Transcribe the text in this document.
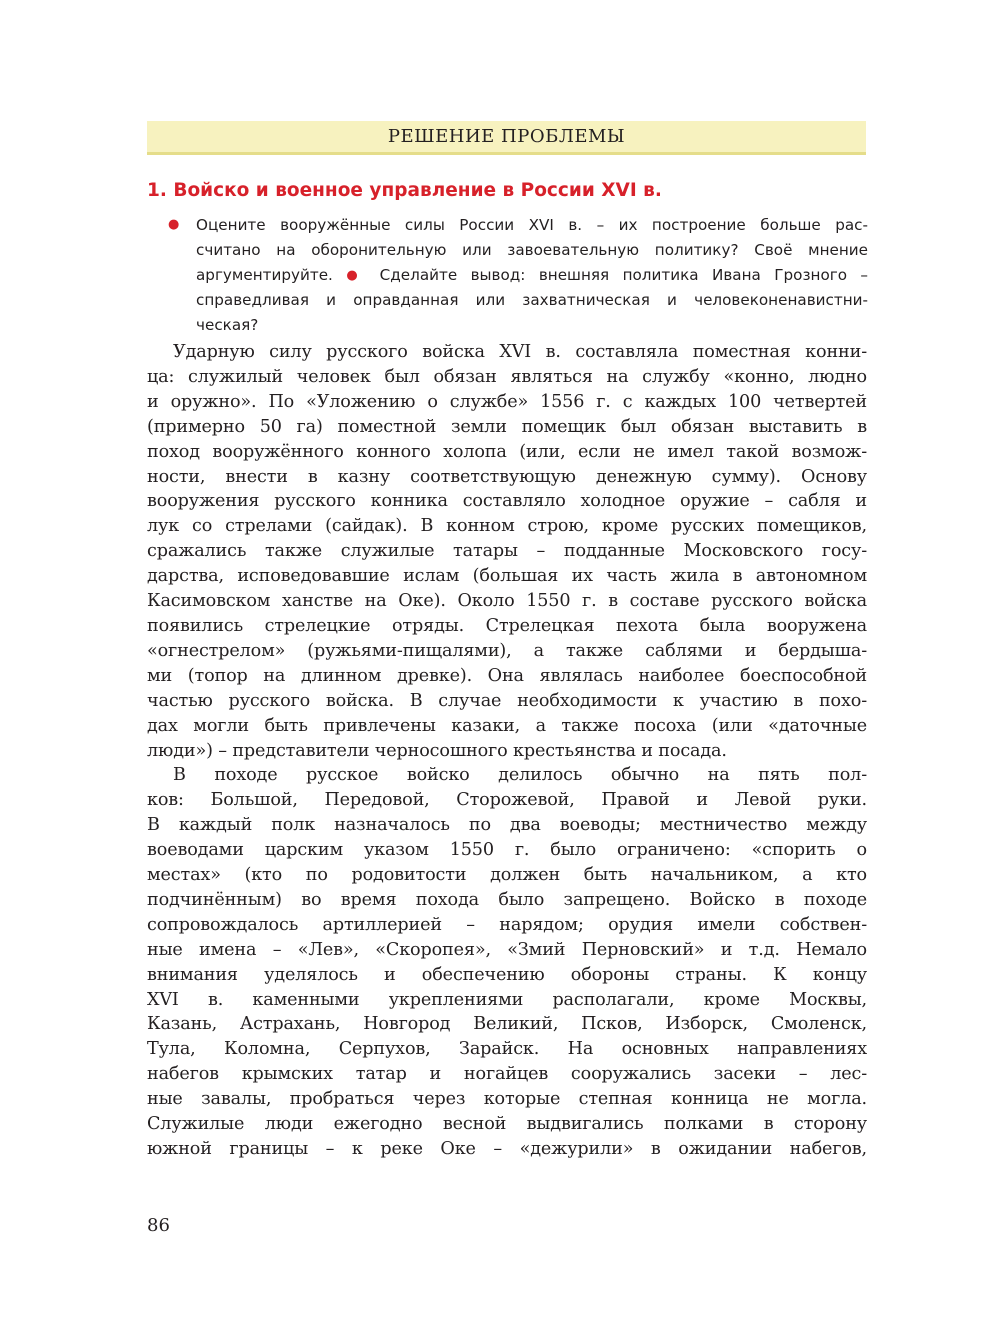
РЕШЕНИЕ ПРОБЛЕМЫ
1. Войско и военное управление в России XVI в.
● Оцените вооружённые силы России XVI в. – их построение больше рас-
считано на оборонительную или завоевательную политику? Своё мнение
аргументируйте. ● Сделайте вывод: внешняя политика Ивана Грозного –
справедливая и оправданная или захватническая и человеконенавистни-
ческая?
Ударную силу русского войска XVI в. составляла поместная конни-
ца: служилый человек был обязан являться на службу «конно, людно
и оружно». По «Уложению о службе» 1556 г. с каждых 100 четвертей
(примерно 50 га) поместной земли помещик был обязан выставить в
поход вооружённого конного холопа (или, если не имел такой возмож-
ности, внести в казну соответствующую денежную сумму). Основу
вооружения русского конника составляло холодное оружие – сабля и
лук со стрелами (сайдак). В конном строю, кроме русских помещиков,
сражались также служилые татары – подданные Московского госу-
дарства, исповедовавшие ислам (большая их часть жила в автономном
Касимовском ханстве на Оке). Около 1550 г. в составе русского войска
появились стрелецкие отряды. Стрелецкая пехота была вооружена
«огнестрелом» (ружьями-пищалями), а также саблями и бердыша-
ми (топор на длинном древке). Она являлась наиболее боеспособной
частью русского войска. В случае необходимости к участию в похо-
дах могли быть привлечены казаки, а также посоха (или «даточные
люди») – представители черносошного крестьянства и посада.
В походе русское войско делилось обычно на пять пол-
ков: Большой, Передовой, Сторожевой, Правой и Левой руки.
В каждый полк назначалось по два воеводы; местничество между
воеводами царским указом 1550 г. было ограничено: «спорить о
местах» (кто по родовитости должен быть начальником, а кто
подчинённым) во время похода было запрещено. Войско в походе
сопровождалось артиллерией – нарядом; орудия имели собствен-
ные имена – «Лев», «Скоропея», «Змий Перновский» и т.д. Немало
внимания уделялось и обеспечению обороны страны. К концу
XVI в. каменными укреплениями располагали, кроме Москвы,
Казань, Астрахань, Новгород Великий, Псков, Изборск, Смоленск,
Тула, Коломна, Серпухов, Зарайск. На основных направлениях
набегов крымских татар и ногайцев сооружались засеки – лес-
ные завалы, пробраться через которые степная конница не могла.
Служилые люди ежегодно весной выдвигались полками в сторону
южной границы – к реке Оке – «дежурили» в ожидании набегов,
86
